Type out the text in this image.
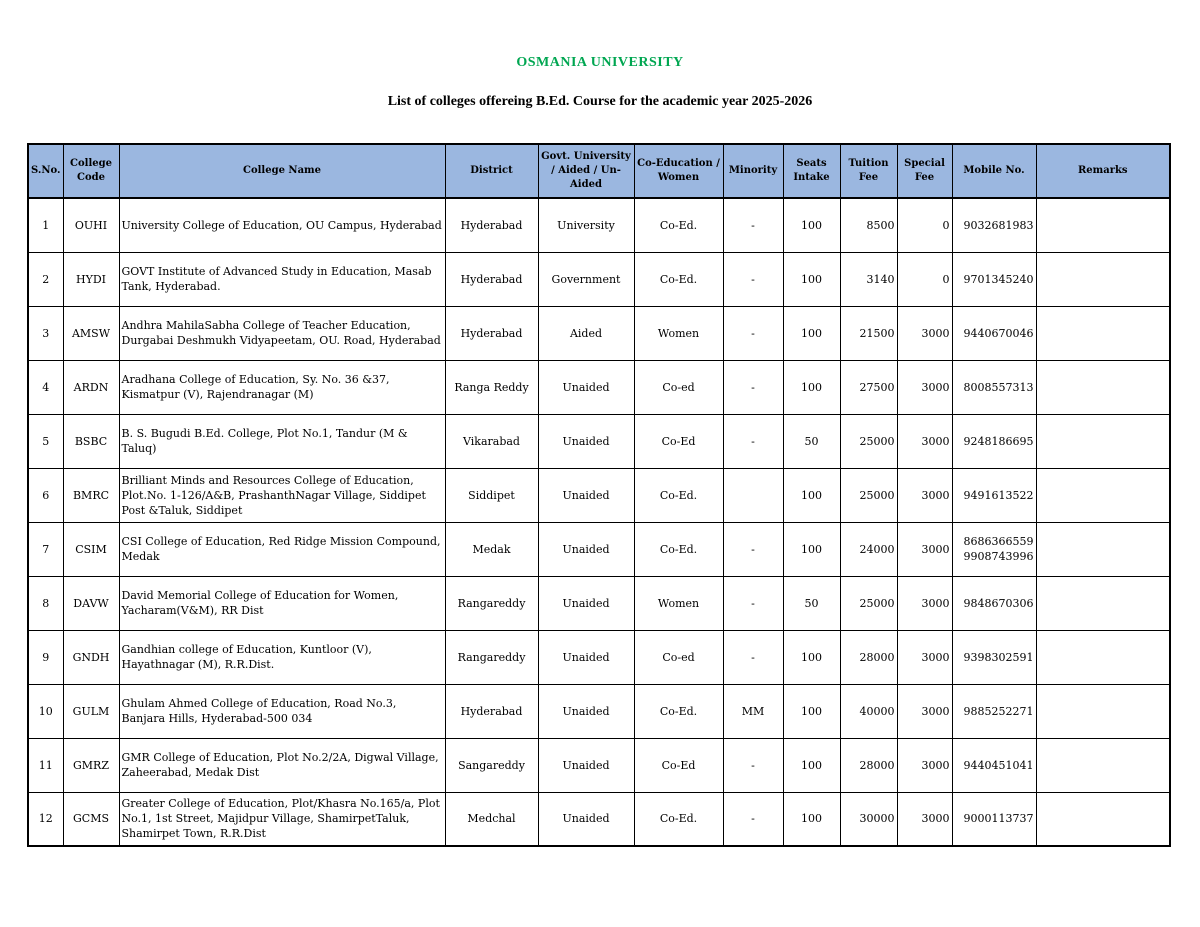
OSMANIA UNIVERSITY
List of colleges offereing B.Ed. Course for the academic year 2025-2026
S.No.	College Code	College Name	District	Govt. University / Aided / Un-Aided	Co-Education / Women	Minority	Seats Intake	Tuition Fee	Special Fee	Mobile No.	Remarks
1	OUHI	University College of Education, OU Campus, Hyderabad	Hyderabad	University	Co-Ed.	-	100	8500	0	9032681983	
2	HYDI	GOVT Institute of Advanced Study in Education, Masab Tank, Hyderabad.	Hyderabad	Government	Co-Ed.	-	100	3140	0	9701345240	
3	AMSW	Andhra MahilaSabha College of Teacher Education, Durgabai Deshmukh Vidyapeetam, OU. Road, Hyderabad	Hyderabad	Aided	Women	-	100	21500	3000	9440670046	
4	ARDN	Aradhana College of Education, Sy. No. 36 &37, Kismatpur (V), Rajendranagar (M)	Ranga Reddy	Unaided	Co-ed	-	100	27500	3000	8008557313	
5	BSBC	B. S. Bugudi B.Ed. College, Plot No.1, Tandur (M & Taluq)	Vikarabad	Unaided	Co-Ed	-	50	25000	3000	9248186695	
6	BMRC	Brilliant Minds and Resources College of Education, Plot.No. 1-126/A&B, PrashanthNagar Village, Siddipet Post &Taluk, Siddipet	Siddipet	Unaided	Co-Ed.		100	25000	3000	9491613522	
7	CSIM	CSI College of Education, Red Ridge Mission Compound, Medak	Medak	Unaided	Co-Ed.	-	100	24000	3000	8686366559 9908743996	
8	DAVW	David Memorial College of Education for Women, Yacharam(V&M), RR Dist	Rangareddy	Unaided	Women	-	50	25000	3000	9848670306	
9	GNDH	Gandhian college of Education, Kuntloor (V), Hayathnagar (M), R.R.Dist.	Rangareddy	Unaided	Co-ed	-	100	28000	3000	9398302591	
10	GULM	Ghulam Ahmed College of Education, Road No.3, Banjara Hills, Hyderabad-500 034	Hyderabad	Unaided	Co-Ed.	MM	100	40000	3000	9885252271	
11	GMRZ	GMR College of Education, Plot No.2/2A, Digwal Village, Zaheerabad, Medak Dist	Sangareddy	Unaided	Co-Ed	-	100	28000	3000	9440451041	
12	GCMS	Greater College of Education, Plot/Khasra No.165/a, Plot No.1, 1st Street, Majidpur Village, ShamirpetTaluk, Shamirpet Town, R.R.Dist	Medchal	Unaided	Co-Ed.	-	100	30000	3000	9000113737	
